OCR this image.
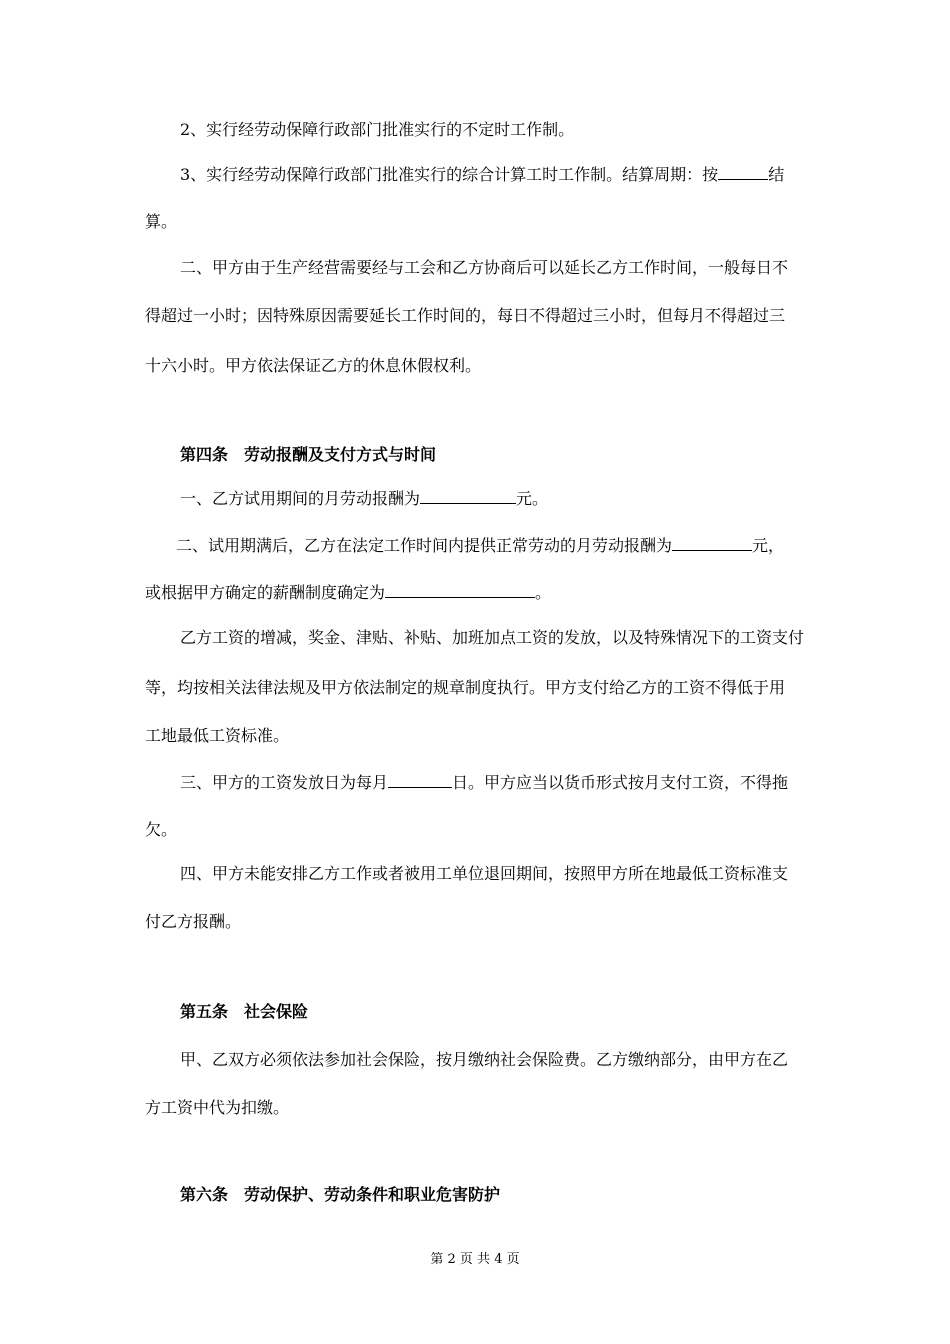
2、实行经劳动保障行政部门批准实行的不定时工作制。
3、实行经劳动保障行政部门批准实行的综合计算工时工作制。结算周期：按	结
算。
二、甲方由于生产经营需要经与工会和乙方协商后可以延长乙方工作时间，一般每日不
得超过一小时；因特殊原因需要延长工作时间的，每日不得超过三小时，但每月不得超过三
十六小时。甲方依法保证乙方的休息休假权利。
第四条　劳动报酬及支付方式与时间
一、乙方试用期间的月劳动报酬为	元。
二、试用期满后，乙方在法定工作时间内提供正常劳动的月劳动报酬为	元，
或根据甲方确定的薪酬制度确定为	。
乙方工资的增减，奖金、津贴、补贴、加班加点工资的发放，以及特殊情况下的工资支付
等，均按相关法律法规及甲方依法制定的规章制度执行。甲方支付给乙方的工资不得低于用
工地最低工资标准。
三、甲方的工资发放日为每月	日。甲方应当以货币形式按月支付工资，不得拖
欠。
四、甲方未能安排乙方工作或者被用工单位退回期间，按照甲方所在地最低工资标准支
付乙方报酬。
第五条　社会保险
甲、乙双方必须依法参加社会保险，按月缴纳社会保险费。乙方缴纳部分，由甲方在乙
方工资中代为扣缴。
第六条　劳动保护、劳动条件和职业危害防护
第 2 页 共 4 页
